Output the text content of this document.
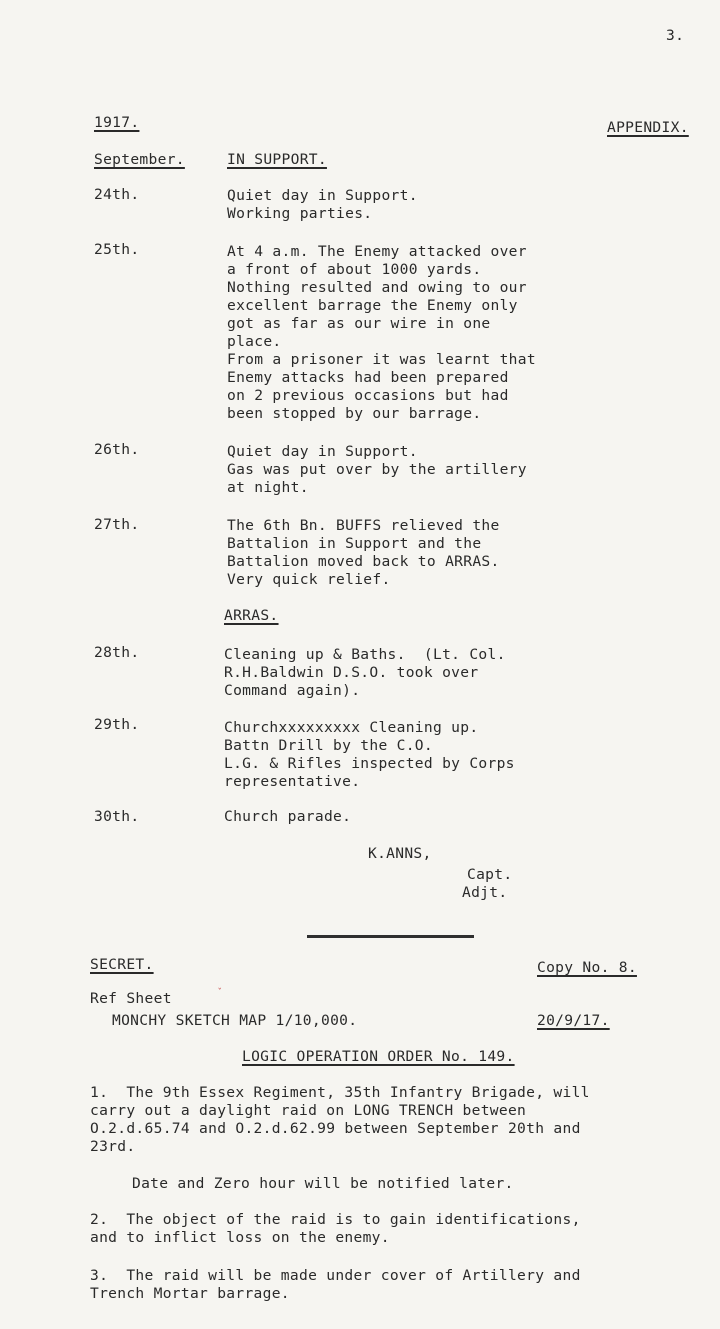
3.
1917.	APPENDIX.
September.	IN SUPPORT.
24th.	Quiet day in Support.
Working parties.
25th.	At 4 a.m. The Enemy attacked over
a front of about 1000 yards.
Nothing resulted and owing to our
excellent barrage the Enemy only
got as far as our wire in one
place.
From a prisoner it was learnt that
Enemy attacks had been prepared
on 2 previous occasions but had
been stopped by our barrage.
26th.	Quiet day in Support.
Gas was put over by the artillery
at night.
27th.	The 6th Bn. BUFFS relieved the
Battalion in Support and the
Battalion moved back to ARRAS.
Very quick relief.
ARRAS.
28th.	Cleaning up & Baths.  (Lt. Col.
R.H.Baldwin D.S.O. took over
Command again).
29th.	Churchxxxxxxxxx Cleaning up.
Battn Drill by the C.O.
L.G. & Rifles inspected by Corps
representative.
30th.	Church parade.
K.ANNS,
Capt.
Adjt.
SECRET.	Copy No. 8.
ˇ
Ref Sheet
MONCHY SKETCH MAP 1/10,000.	20/9/17.
LOGIC OPERATION ORDER No. 149.
1.  The 9th Essex Regiment, 35th Infantry Brigade, will
carry out a daylight raid on LONG TRENCH between
O.2.d.65.74 and O.2.d.62.99 between September 20th and
23rd.
Date and Zero hour will be notified later.
2.  The object of the raid is to gain identifications,
and to inflict loss on the enemy.
3.  The raid will be made under cover of Artillery and
Trench Mortar barrage.
